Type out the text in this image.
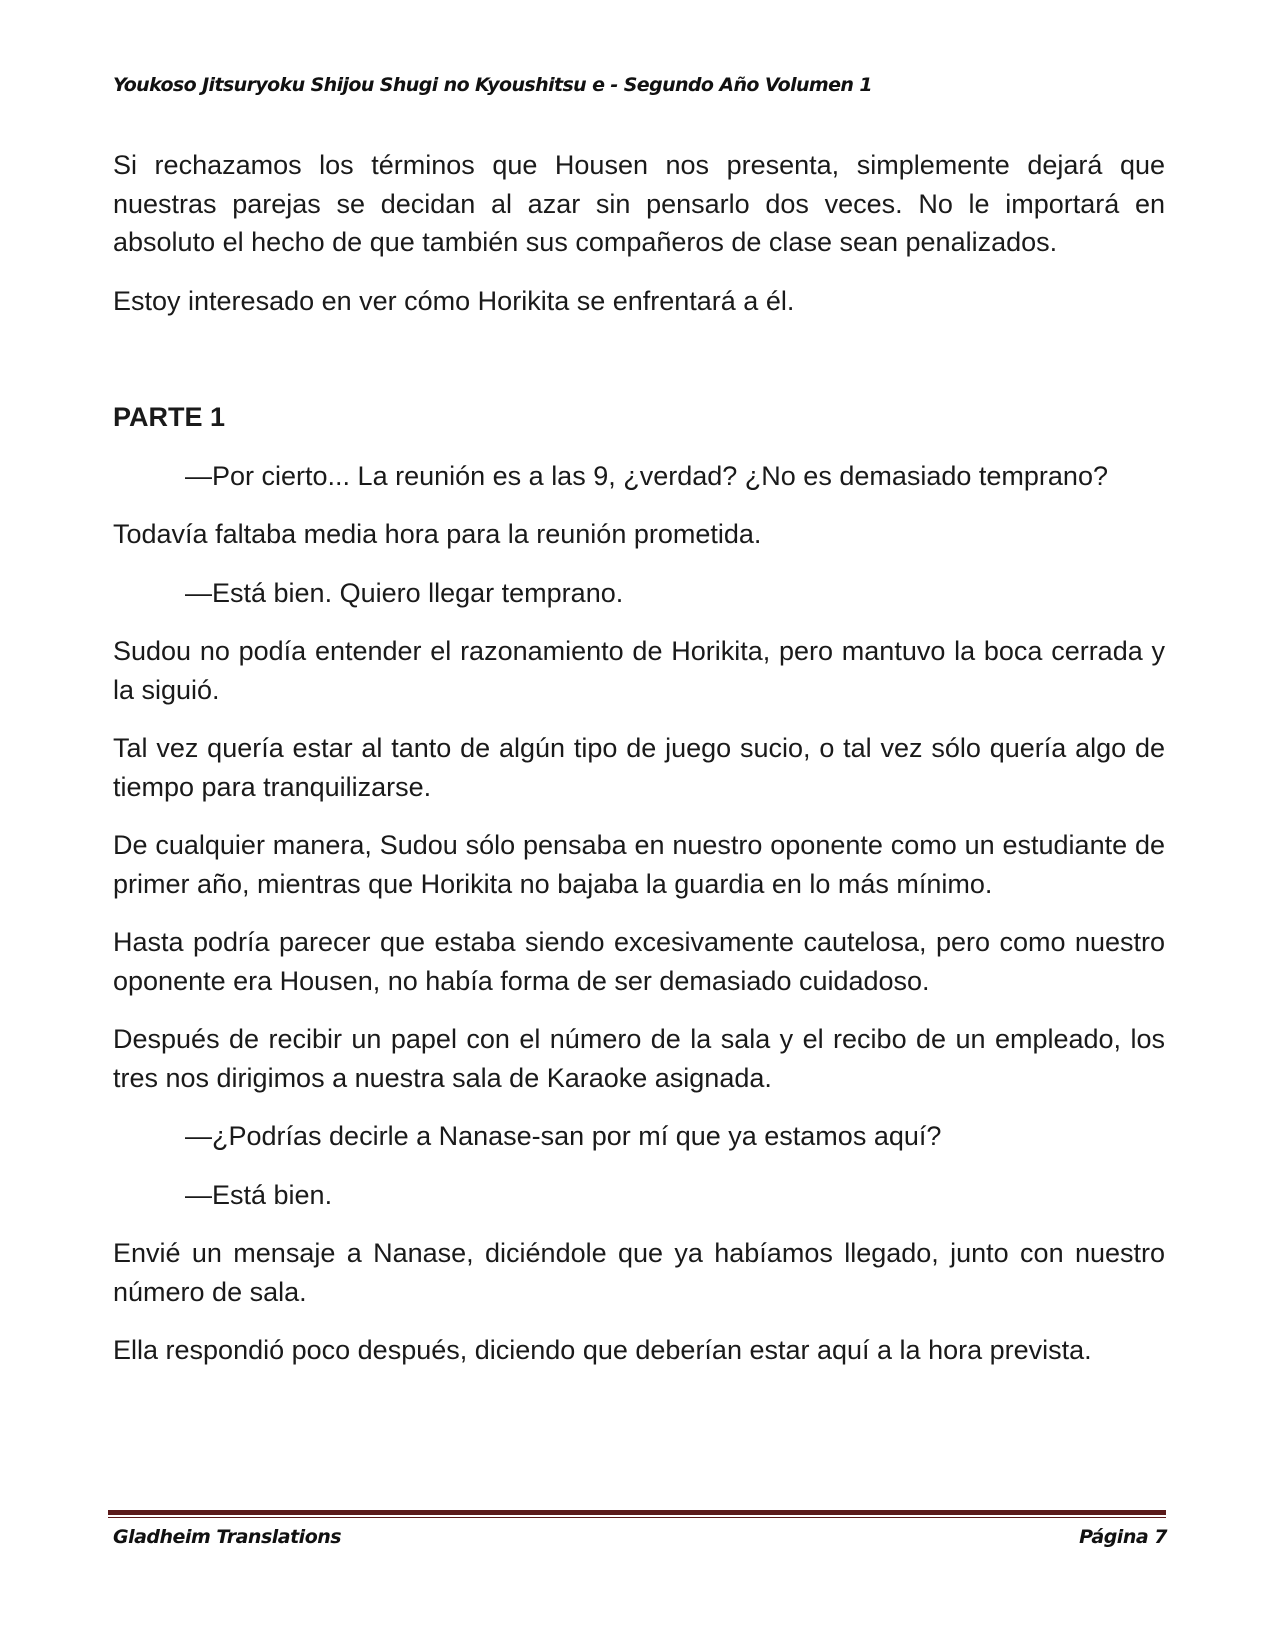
Youkoso Jitsuryoku Shijou Shugi no Kyoushitsu e - Segundo Año Volumen 1

Si rechazamos los términos que Housen nos presenta, simplemente dejará que nuestras parejas se decidan al azar sin pensarlo dos veces. No le importará en absoluto el hecho de que también sus compañeros de clase sean penalizados.

Estoy interesado en ver cómo Horikita se enfrentará a él.

PARTE 1

—Por cierto... La reunión es a las 9, ¿verdad? ¿No es demasiado temprano?

Todavía faltaba media hora para la reunión prometida.

—Está bien. Quiero llegar temprano.

Sudou no podía entender el razonamiento de Horikita, pero mantuvo la boca cerrada y la siguió.

Tal vez quería estar al tanto de algún tipo de juego sucio, o tal vez sólo quería algo de tiempo para tranquilizarse.

De cualquier manera, Sudou sólo pensaba en nuestro oponente como un estudiante de primer año, mientras que Horikita no bajaba la guardia en lo más mínimo.

Hasta podría parecer que estaba siendo excesivamente cautelosa, pero como nuestro oponente era Housen, no había forma de ser demasiado cuidadoso.

Después de recibir un papel con el número de la sala y el recibo de un empleado, los tres nos dirigimos a nuestra sala de Karaoke asignada.

—¿Podrías decirle a Nanase-san por mí que ya estamos aquí?

—Está bien.

Envié un mensaje a Nanase, diciéndole que ya habíamos llegado, junto con nuestro número de sala.

Ella respondió poco después, diciendo que deberían estar aquí a la hora prevista.

Gladheim Translations	Página 7
